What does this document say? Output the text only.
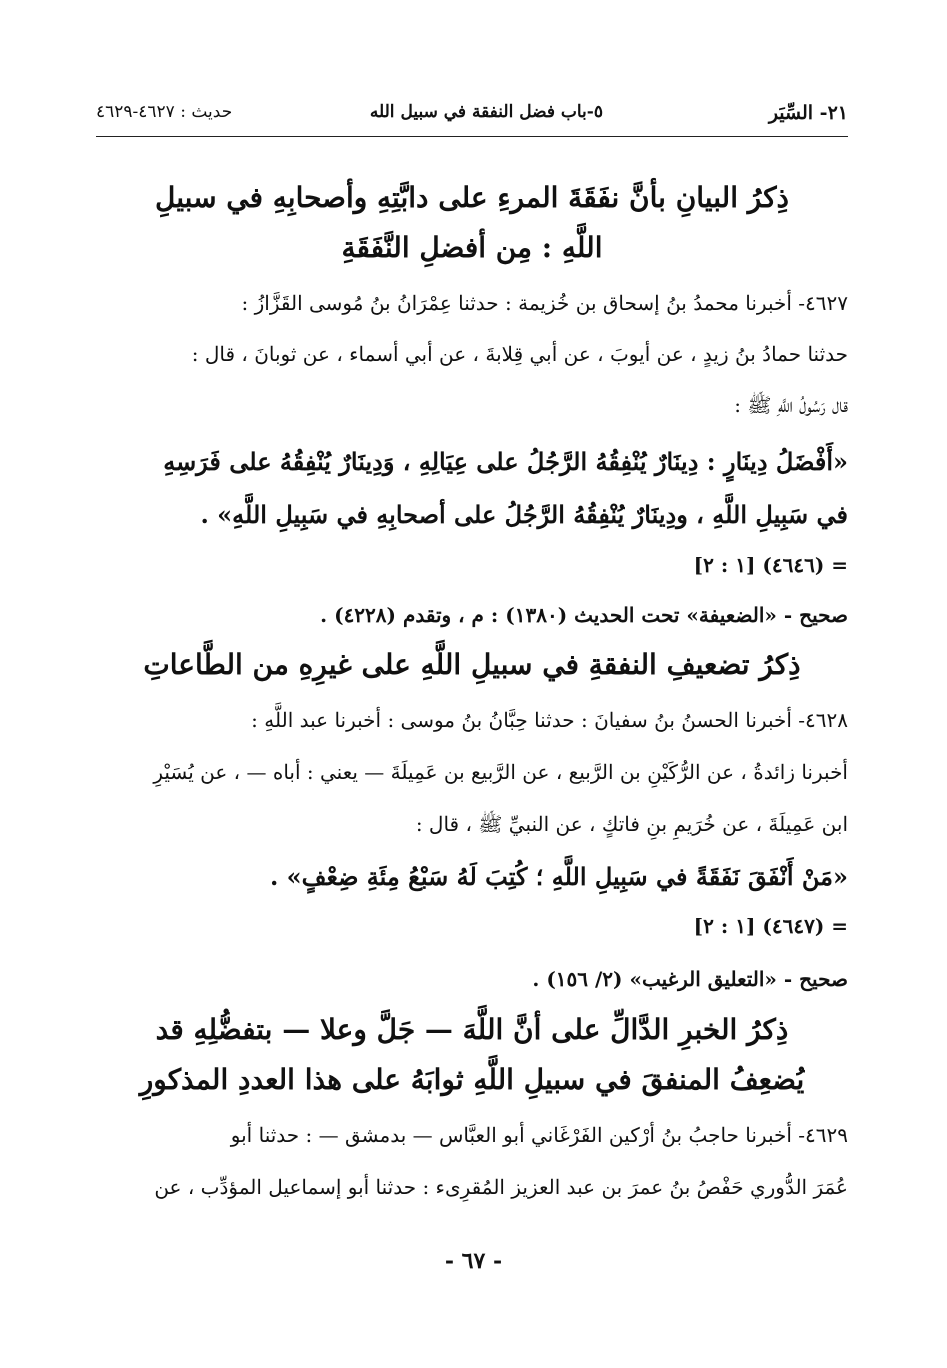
٢١- السِّيَر
٥-باب فضل النفقة في سبيل الله
حديث : ٤٦٢٧-٤٦٢٩

ذِكرُ البيانِ بأنَّ نفَقَةَ المرءِ على دابَّتِهِ وأصحابِهِ في سبيلِ

اللَّهِ : مِن أفضلِ النَّفَقَةِ

٤٦٢٧- أخبرنا محمدُ بنُ إسحاق بن خُزيمة : حدثنا عِمْرَانُ بنُ مُوسى القَزَّازُ :

حدثنا حمادُ بنُ زيدٍ ، عن أيوبَ ، عن أبي قِلابةَ ، عن أبي أسماء ، عن ثوبانَ ، قال :

قال رَسُولُ اللَّهِ ﷺ :

«أَفْضَلُ دِينَارٍ : دِينَارٌ يُنْفِقُهُ الرَّجُلُ على عِيَالِهِ ، وَدِينَارٌ يُنْفِقُهُ على فَرَسِهِ

في سَبِيلِ اللَّهِ ، ودِينَارٌ يُنْفِقُهُ الرَّجُلُ على أصحابِهِ في سَبِيلِ اللَّهِ» .

= (٤٦٤٦) [١ : ٢]

صحيح - «الضعيفة» تحت الحديث (١٣٨٠) : م ، وتقدم (٤٢٢٨) .

ذِكرُ تضعيفِ النفقةِ في سبيلِ اللَّهِ على غيرِهِ من الطَّاعاتِ

٤٦٢٨- أخبرنا الحسنُ بنُ سفيانَ : حدثنا حِبَّانُ بنُ موسى : أخبرنا عبد اللَّهِ :

أخبرنا زائدةُ ، عن الرُّكَيْنِ بن الرَّبيع ، عن الرَّبيع بن عَمِيلَةَ — يعني : أباه — ، عن يُسَيْرِ

ابن عَمِيلَةَ ، عن خُرَيمِ بنِ فاتكٍ ، عن النبيِّ ﷺ ، قال :

«مَنْ أَنْفَقَ نَفَقَةً في سَبِيلِ اللَّهِ ؛ كُتِبَ لَهُ سَبْعُ مِئَةِ ضِعْفٍ» .

= (٤٦٤٧) [١ : ٢]

صحيح - «التعليق الرغيب» (٢/ ١٥٦) .

ذِكرُ الخبرِ الدَّالِّ على أنَّ اللَّهَ — جَلَّ وعلا — بتفضُّلِهِ قد

يُضعِفُ المنفقَ في سبيلِ اللَّهِ ثوابَهُ على هذا العددِ المذكورِ

٤٦٢٩- أخبرنا حاجبُ بنُ أرْكين الفَرْغَاني أبو العبَّاس — بدمشق — : حدثنا أبو

عُمَرَ الدُّوري حَفْصُ بنُ عمرَ بن عبد العزيز المُقرِىء : حدثنا أبو إسماعيل المؤدِّب ، عن

- ٦٧ -
